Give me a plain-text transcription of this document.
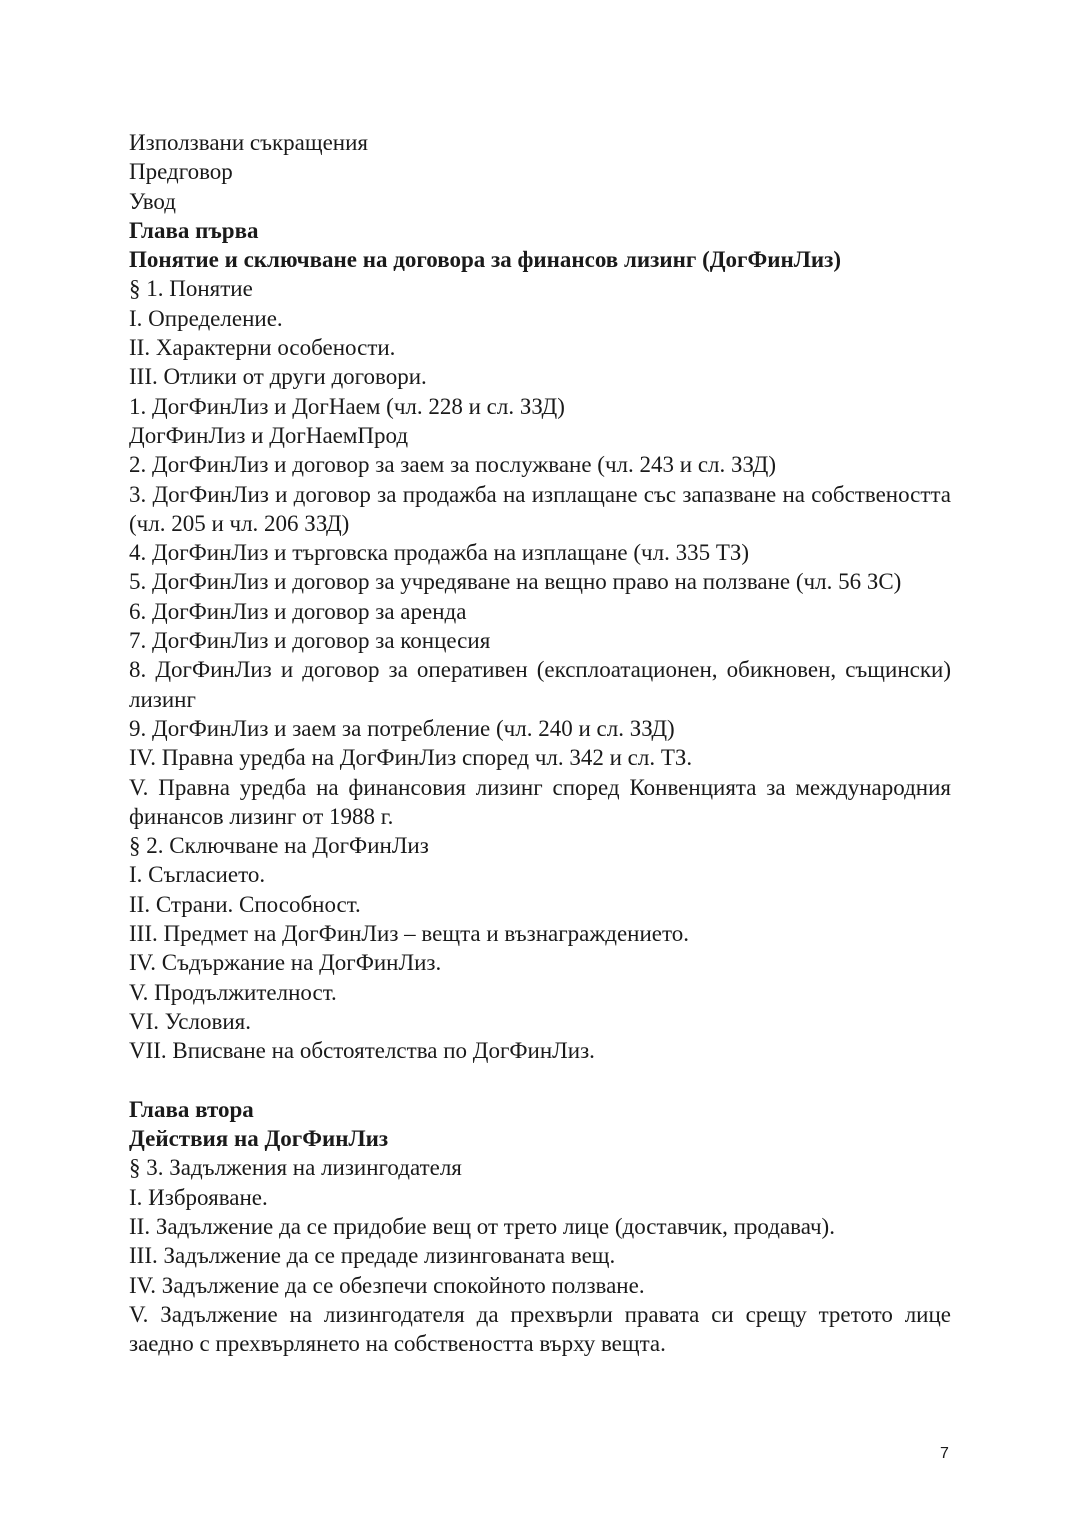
Използвани съкращения
Предговор
Увод
Глава първа
Понятие и сключване на договора за финансов лизинг (ДогФинЛиз)
§ 1. Понятие
I. Определение.
II. Характерни особености.
III. Отлики от други договори.
1. ДогФинЛиз и ДогНаем (чл. 228 и сл. ЗЗД)
ДогФинЛиз и ДогНаемПрод
2. ДогФинЛиз и договор за заем за послужване (чл. 243 и сл. ЗЗД)
3. ДогФинЛиз и договор за продажба на изплащане със запазване на собствеността (чл. 205 и чл. 206 ЗЗД)
4. ДогФинЛиз и търговска продажба на изплащане (чл. 335 ТЗ)
5. ДогФинЛиз и договор за учредяване на вещно право на ползване (чл. 56 ЗС)
6. ДогФинЛиз и договор за аренда
7. ДогФинЛиз и договор за концесия
8. ДогФинЛиз и договор за оперативен (експлоатационен, обикновен, същински) лизинг
9. ДогФинЛиз и заем за потребление (чл. 240 и сл. ЗЗД)
IV. Правна уредба на ДогФинЛиз според чл. 342 и сл. ТЗ.
V. Правна уредба на финансовия лизинг според Конвенцията за международния финансов лизинг от 1988 г.
§ 2. Сключване на ДогФинЛиз
I. Съгласието.
II. Страни. Способност.
III. Предмет на ДогФинЛиз – вещта и възнаграждението.
IV. Съдържание на ДогФинЛиз.
V. Продължителност.
VI. Условия.
VII. Вписване на обстоятелства по ДогФинЛиз.
Глава втора
Действия на ДогФинЛиз
§ 3. Задължения на лизингодателя
I. Изброяване.
II. Задължение да се придобие вещ от трето лице (доставчик, продавач).
III. Задължение да се предаде лизингованата вещ.
IV. Задължение да се обезпечи спокойното ползване.
V. Задължение на лизингодателя да прехвърли правата си срещу третото лице заедно с прехвърлянето на собствеността върху вещта.
7
